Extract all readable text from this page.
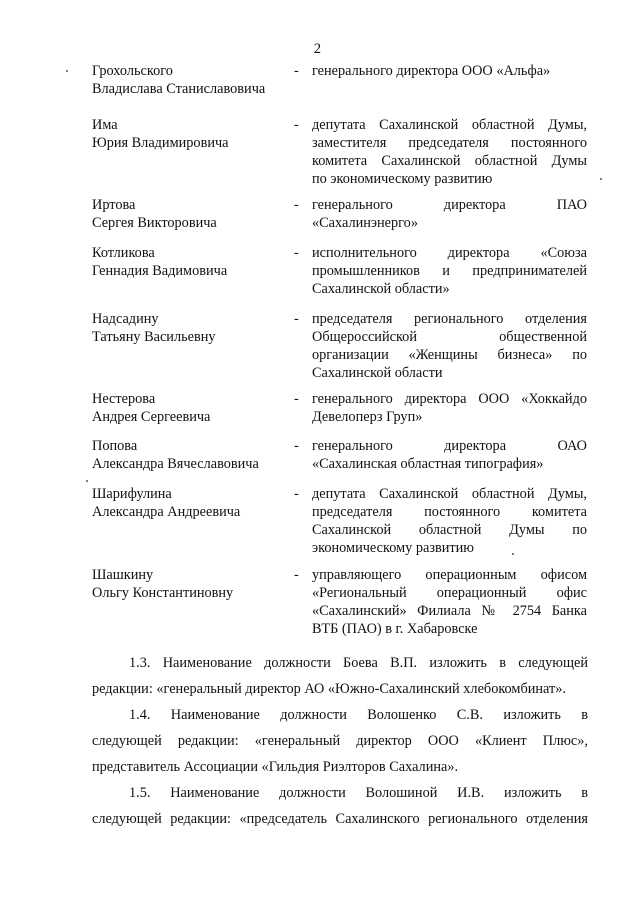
2
Грохольского
Владислава Станиславовича
- генерального директора ООО «Альфа»
Има
Юрия Владимировича
- депутата Сахалинской областной Думы,
заместителя председателя постоянного
комитета Сахалинской областной Думы
по экономическому развитию
Иртова
Сергея Викторовича
- генерального директора ПАО
«Сахалинэнерго»
Котликова
Геннадия Вадимовича
- исполнительного директора «Союза
промышленников и предпринимателей
Сахалинской области»
Надсадину
Татьяну Васильевну
- председателя регионального отделения
Общероссийской общественной
организации «Женщины бизнеса» по
Сахалинской области
Нестерова
Андрея Сергеевича
- генерального директора ООО «Хоккайдо
Девелоперз Груп»
Попова
Александра Вячеславовича
- генерального директора ОАО
«Сахалинская областная типография»
Шарифулина
Александра Андреевича
- депутата Сахалинской областной Думы,
председателя постоянного комитета
Сахалинской областной Думы по
экономическому развитию
Шашкину
Ольгу Константиновну
- управляющего операционным офисом
«Региональный операционный офис
«Сахалинский» Филиала № 2754 Банка
ВТБ (ПАО) в г. Хабаровске
1.3. Наименование должности Боева В.П. изложить в следующей
редакции: «генеральный директор АО «Южно-Сахалинский хлебокомбинат».
1.4. Наименование должности Волошенко С.В. изложить в
следующей редакции: «генеральный директор ООО «Клиент Плюс»,
представитель Ассоциации «Гильдия Риэлторов Сахалина».
1.5. Наименование должности Волошиной И.В. изложить в
следующей редакции: «председатель Сахалинского регионального отделения
